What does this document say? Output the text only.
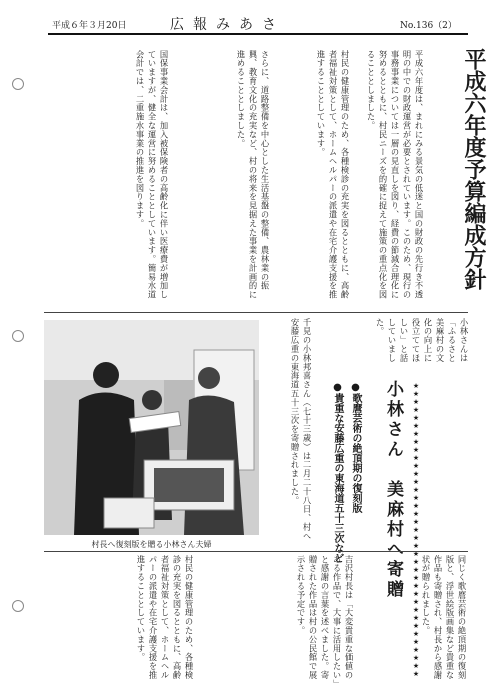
平成６年３月20日	広報みあさ	No.136（2）
平成六年度予算編成方針
平成六年度は、まれにみる景気の低迷と国の財政の先行き不透明の中での財政運営が必要とされています。このため、現行の事務事業については一層の見直しを図り、経費の節減合理化に努めるとともに、村民ニーズを的確に捉えて施策の重点化を図ることとしました。
村民の健康管理のため、各種検診の充実を図るとともに、高齢者福祉対策として、ホームヘルパーの派遣や在宅介護支援を推進することとしています。
さらに、道路整備を中心とした生活基盤の整備、農林業の振興、教育文化の充実など、村の将来を見据えた事業を計画的に進めることとしました。
国保事業会計は、加入被保険者の高齢化に伴い医療費が増加していますが、健全な運営に努めることとしています。簡易水道会計では、二重施水事業の推進を図ります。
小林さん　美麻村へ寄贈
●歌麿芸術の絶頂期の復刻版
●貴重な安藤広重の東海道五十三次など	★★★★★★★★★★★★★★★★★★★★★★★★★★★★★★★★★★★★★
小林さんは「ふるさと美麻村の文化の向上に役立ててほしい」と話していました。
千見の小林邦喜さん（七十三歳）は二月二十八日、村へ安藤広重の東海道五十三次を寄贈されました。
同じく歌麿芸術の絶頂期の復刻版と、浮世絵版画集など貴重な作品も寄贈され、村長から感謝状が贈られました。
吉沢村長は「大変貴重な価値のある作品で、大事に活用したい」と感謝の言葉を述べました。寄贈された作品は村の公民館で展示される予定です。
村民の健康管理のため、各種検診の充実を図るとともに、高齢者福祉対策として、ホームヘルパーの派遣や在宅介護支援を推進することとしています。
村長へ復刻版を贈る小林さん夫婦
